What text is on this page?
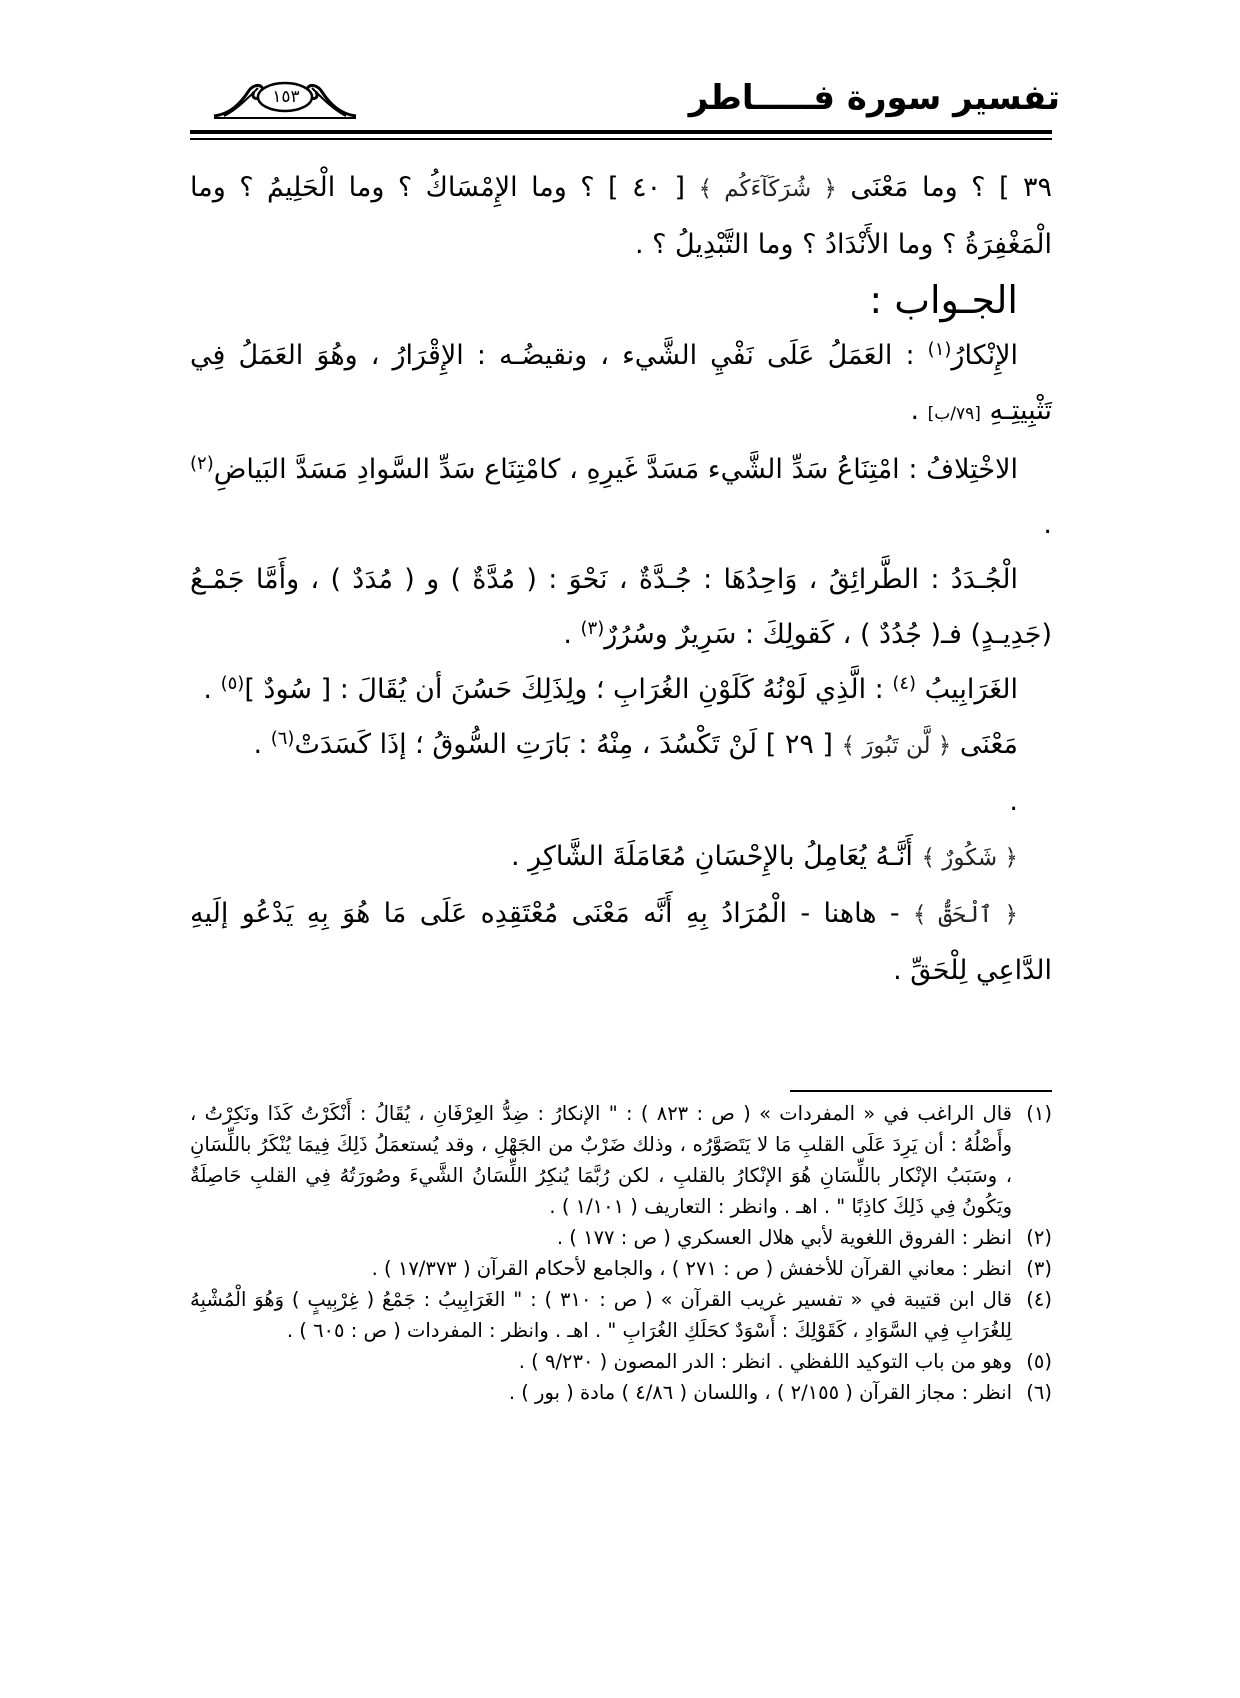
تفسير سورة فـــــاطر
١٥٣

٣٩ ] ؟ وما مَعْنَى ﴿ شُرَكَآءَكُم ﴾ [ ٤٠ ] ؟ وما الإِمْسَاكُ ؟ وما الْحَلِيمُ ؟ وما الْمَغْفِرَةُ ؟ وما الأَنْدَادُ ؟ وما التَّبْدِيلُ ؟ .

الجـواب :

الإِنْكارُ$^{(١)}$ : العَمَلُ عَلَى نَفْيِ الشَّيء ، ونقيضُـه : الإِقْرَارُ ، وهُوَ العَمَلُ فِي تَثْبِيتِـهِ [٧٩/ب] .

الاخْتِلافُ : امْتِنَاعُ سَدِّ الشَّيء مَسَدَّ غَيرِهِ ، كامْتِنَاع سَدِّ السَّوادِ مَسَدَّ البَياضِ$^{(٢)}$ .

الْجُـدَدُ : الطَّرائِقُ ، وَاحِدُهَا : جُـدَّةٌ ، نَحْوَ : ( مُدَّةٌ ) و ( مُدَدٌ ) ، وأَمَّا جَمْـعُ (جَدِيـدٍ) فـ( جُدُدٌ ) ، كَقولِكَ : سَرِيرٌ وسُرُرٌ$^{(٣)}$ .

الغَرَابِيبُ $^{(٤)}$ : الَّذِي لَوْنُهُ كَلَوْنِ الغُرَابِ ؛ ولِذَلِكَ حَسُنَ أن يُقَالَ : [ سُودٌ ]$^{(٥)}$ .

مَعْنَى ﴿ لَّن تَبُورَ ﴾ [ ٢٩ ] لَنْ تَكْسُدَ ، مِنْهُ : بَارَتِ السُّوقُ ؛ إذَا كَسَدَتْ$^{(٦)}$ .

.

﴿ شَكُورٌ ﴾ أَنَّـهُ يُعَامِلُ بالإِحْسَانِ مُعَامَلَةَ الشَّاكِرِ .

﴿ ٱلْحَقُّ ﴾ - هاهنا - الْمُرَادُ بِهِ أَنَّه مَعْنَى مُعْتَقِدِه عَلَى مَا هُوَ بِهِ يَدْعُو إلَيهِ الدَّاعِي لِلْحَقِّ .

(١)
قال الراغب في « المفردات » ( ص : ٨٢٣ ) : " الإنكارُ : ضِدُّ العِرْفَانِ ، يُقَالُ : أَنْكَرْتُ كَذَا ونَكِرْتُ ، وأَصْلُهُ : أن يَرِدَ عَلَى القلبِ مَا لا يَتَصَوَّرُه ، وذلك ضَرْبٌ من الجَهْلِ ، وقد يُستعمَلُ ذَلِكَ فِيمَا يُنْكَرُ باللِّسَانِ ، وسَبَبُ الإنْكار باللِّسَانِ هُوَ الإنْكارُ بالقلبِ ، لكن رُبَّمَا يُنكِرُ اللِّسَانُ الشَّيءَ وصُورَتُهُ فِي القلبِ حَاصِلَةٌ ويَكُونُ فِي ذَلِكَ كاذِبًا " . اهـ . وانظر : التعاريف ( ١/١٠١ ) .
(٢)
انظر : الفروق اللغوية لأبي هلال العسكري ( ص : ١٧٧ ) .
(٣)
انظر : معاني القرآن للأخفش ( ص : ٢٧١ ) ، والجامع لأحكام القرآن ( ١٧/٣٧٣ ) .
(٤)
قال ابن قتيبة في « تفسير غريب القرآن » ( ص : ٣١٠ ) : " الغَرَابِيبُ : جَمْعُ ( غِرْبِيبٍ ) وَهُوَ الْمُشْبِهُ لِلغُرَابِ فِي السَّوَادِ ، كَقَوْلِكَ : أَسْوَدٌ كحَلَكِ الغُرَابِ " . اهـ . وانظر : المفردات ( ص : ٦٠٥ ) .
(٥)
وهو من باب التوكيد اللفظي . انظر : الدر المصون ( ٩/٢٣٠ ) .
(٦)
انظر : مجاز القرآن ( ٢/١٥٥ ) ، واللسان ( ٤/٨٦ ) مادة ( بور ) .
